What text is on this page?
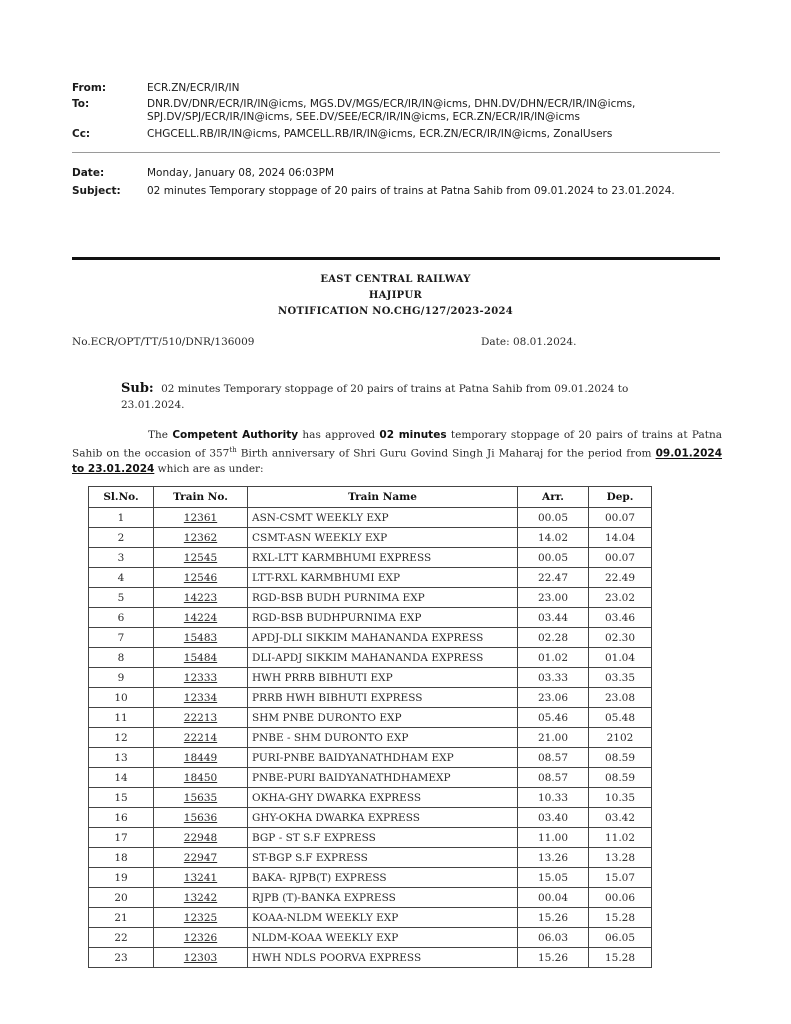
From:	ECR.ZN/ECR/IR/IN
To:	DNR.DV/DNR/ECR/IR/IN@icms, MGS.DV/MGS/ECR/IR/IN@icms, DHN.DV/DHN/ECR/IR/IN@icms, SPJ.DV/SPJ/ECR/IR/IN@icms, SEE.DV/SEE/ECR/IR/IN@icms, ECR.ZN/ECR/IR/IN@icms
Cc:	CHGCELL.RB/IR/IN@icms, PAMCELL.RB/IR/IN@icms, ECR.ZN/ECR/IR/IN@icms, ZonalUsers
Date:	Monday, January 08, 2024 06:03PM
Subject:	02 minutes Temporary stoppage of 20 pairs of trains at Patna Sahib from 09.01.2024 to 23.01.2024.
EAST CENTRAL RAILWAY
HAJIPUR
NOTIFICATION NO.CHG/127/2023-2024
No.ECR/OPT/TT/510/DNR/136009	Date: 08.01.2024.
Sub: 02 minutes Temporary stoppage of 20 pairs of trains at Patna Sahib from 09.01.2024 to 23.01.2024.
The Competent Authority has approved 02 minutes temporary stoppage of 20 pairs of trains at Patna Sahib on the occasion of 357th Birth anniversary of Shri Guru Govind Singh Ji Maharaj for the period from 09.01.2024 to 23.01.2024 which are as under:
Sl.No.	Train No.	Train Name	Arr.	Dep.
1	12361	ASN-CSMT WEEKLY EXP	00.05	00.07
2	12362	CSMT-ASN WEEKLY EXP	14.02	14.04
3	12545	RXL-LTT KARMBHUMI EXPRESS	00.05	00.07
4	12546	LTT-RXL KARMBHUMI EXP	22.47	22.49
5	14223	RGD-BSB BUDH PURNIMA EXP	23.00	23.02
6	14224	RGD-BSB BUDHPURNIMA EXP	03.44	03.46
7	15483	APDJ-DLI SIKKIM MAHANANDA EXPRESS	02.28	02.30
8	15484	DLI-APDJ SIKKIM MAHANANDA EXPRESS	01.02	01.04
9	12333	HWH PRRB BIBHUTI EXP	03.33	03.35
10	12334	PRRB HWH BIBHUTI EXPRESS	23.06	23.08
11	22213	SHM PNBE DURONTO EXP	05.46	05.48
12	22214	PNBE - SHM DURONTO EXP	21.00	2102
13	18449	PURI-PNBE BAIDYANATHDHAM EXP	08.57	08.59
14	18450	PNBE-PURI BAIDYANATHDHAMEXP	08.57	08.59
15	15635	OKHA-GHY DWARKA EXPRESS	10.33	10.35
16	15636	GHY-OKHA DWARKA EXPRESS	03.40	03.42
17	22948	BGP - ST S.F EXPRESS	11.00	11.02
18	22947	ST-BGP S.F EXPRESS	13.26	13.28
19	13241	BAKA- RJPB(T) EXPRESS	15.05	15.07
20	13242	RJPB (T)-BANKA EXPRESS	00.04	00.06
21	12325	KOAA-NLDM WEEKLY EXP	15.26	15.28
22	12326	NLDM-KOAA WEEKLY EXP	06.03	06.05
23	12303	HWH NDLS POORVA EXPRESS	15.26	15.28
